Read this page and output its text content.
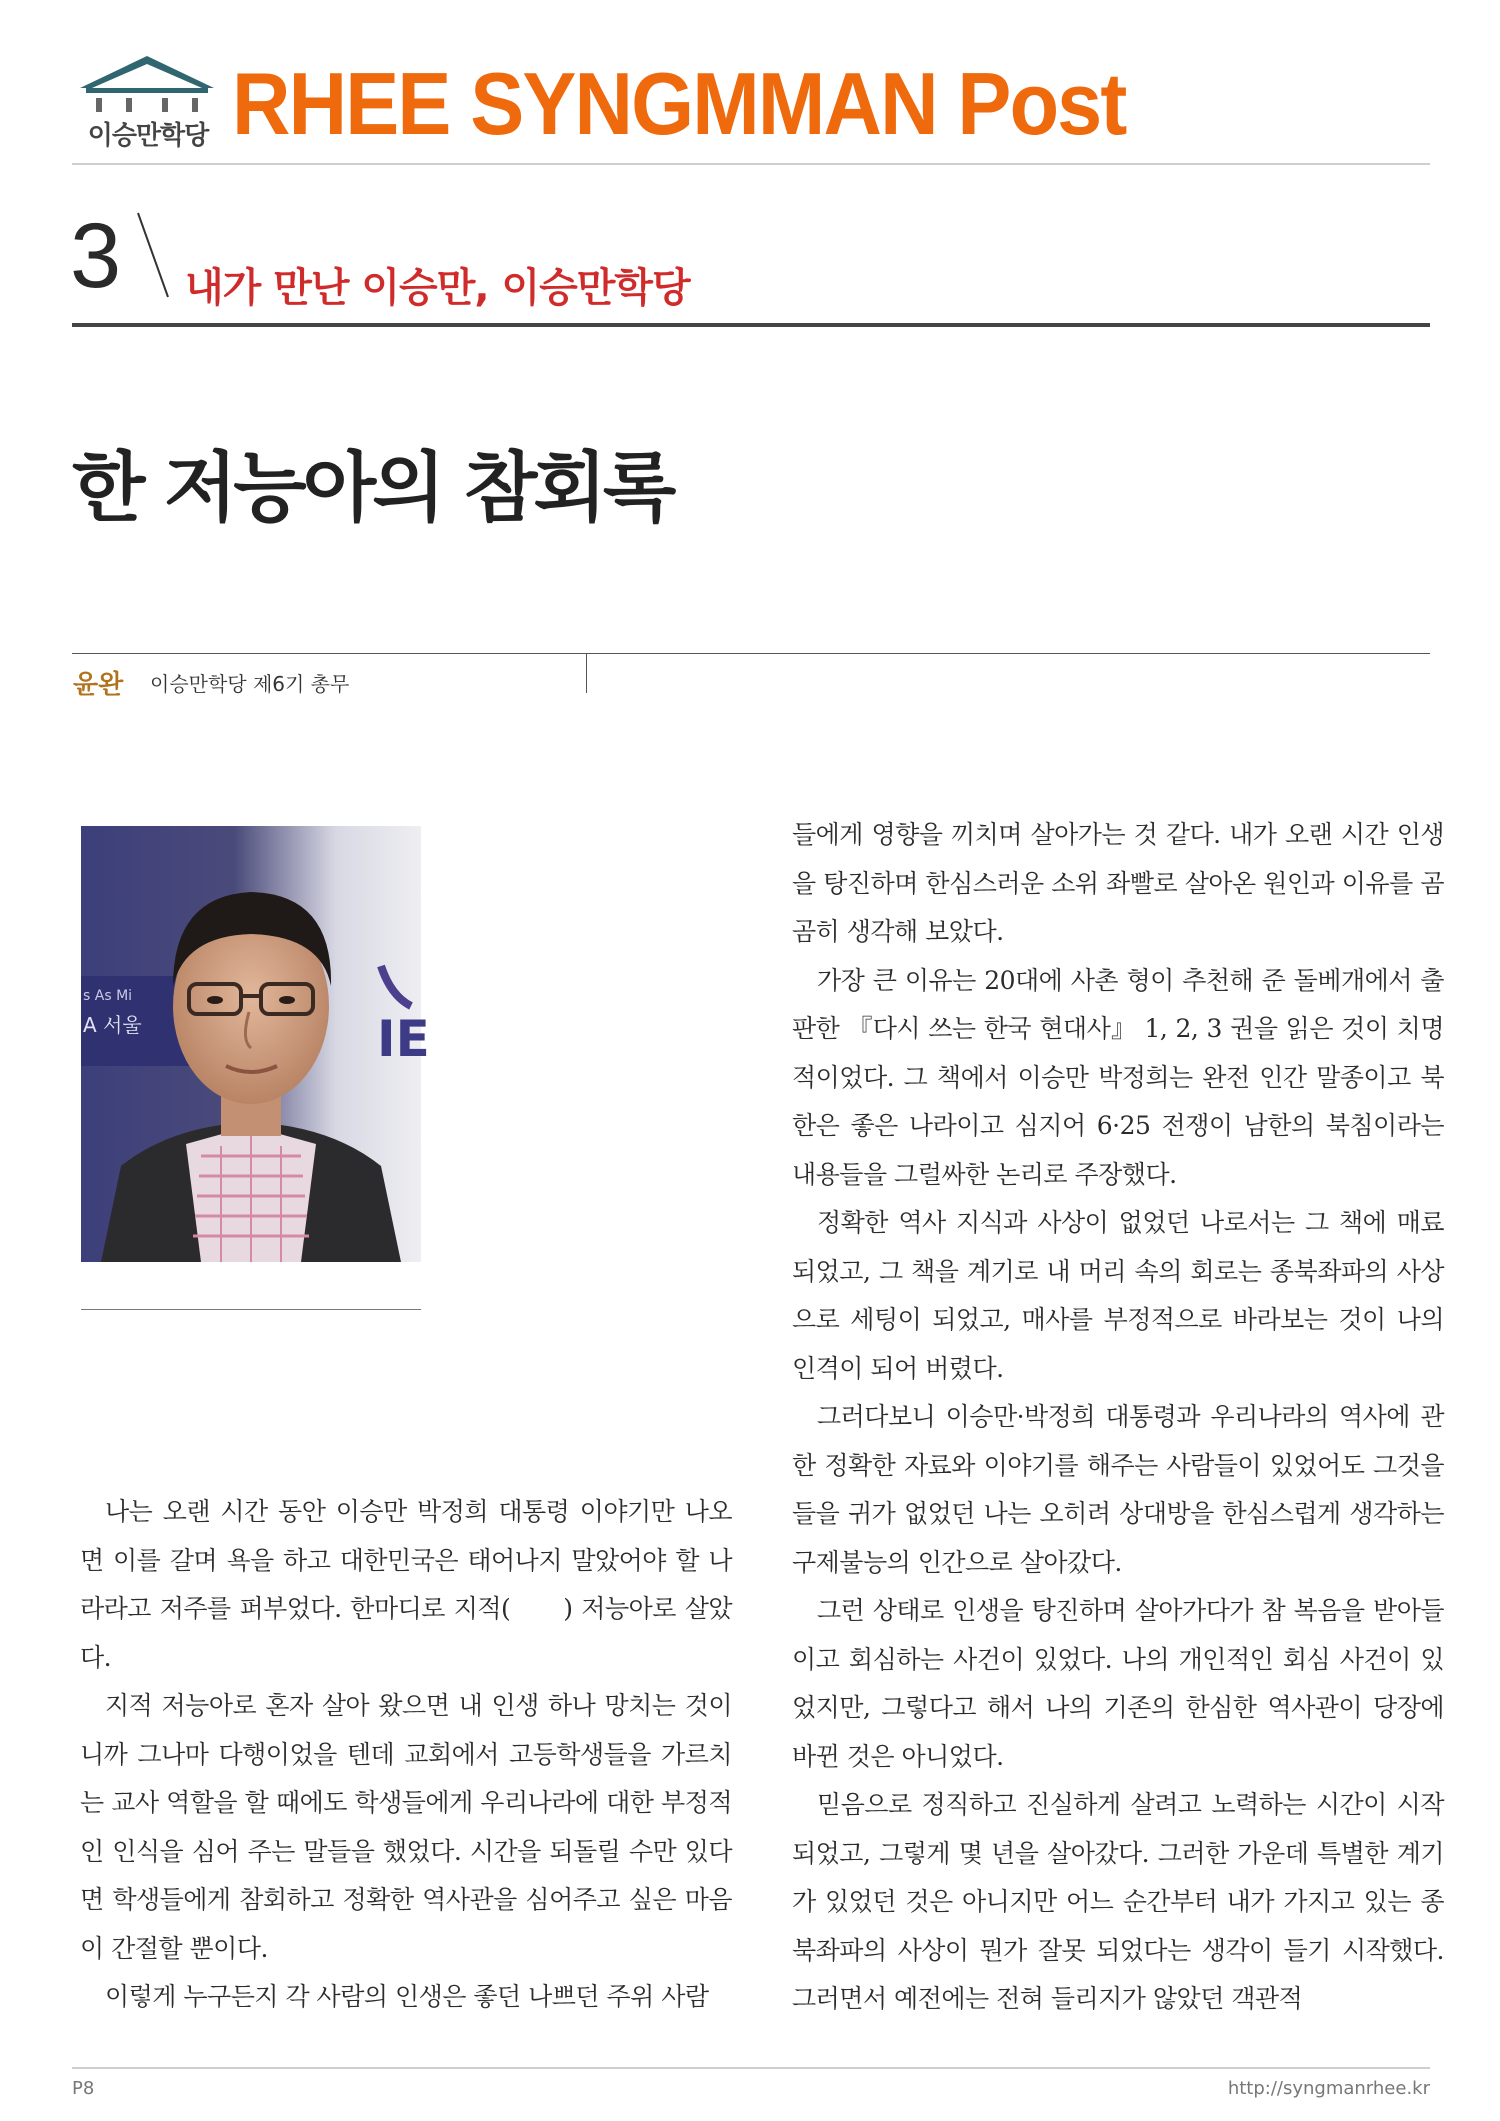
이승만학당 RHEE SYNGMMAN Post
3 내가 만난 이승만, 이승만학당
한 저능아의 참회록
윤완 이승만학당 제6기 총무
s As Mi
A 서울	IE

나는 오랜 시간 동안 이승만 박정희 대통령 이야기만 나오면 이를 갈며 욕을 하고 대한민국은 태어나지 말았어야 할 나라라고 저주를 퍼부었다. 한마디로 지적(　　) 저능아로 살았다.

지적 저능아로 혼자 살아 왔으면 내 인생 하나 망치는 것이니까 그나마 다행이었을 텐데 교회에서 고등학생들을 가르치는 교사 역할을 할 때에도 학생들에게 우리나라에 대한 부정적인 인식을 심어 주는 말들을 했었다. 시간을 되돌릴 수만 있다면 학생들에게 참회하고 정확한 역사관을 심어주고 싶은 마음이 간절할 뿐이다.

이렇게 누구든지 각 사람의 인생은 좋던 나쁘던 주위 사람

들에게 영향을 끼치며 살아가는 것 같다. 내가 오랜 시간 인생을 탕진하며 한심스러운 소위 좌빨로 살아온 원인과 이유를 곰곰히 생각해 보았다.

가장 큰 이유는 20대에 사촌 형이 추천해 준 돌베개에서 출판한 『다시 쓰는 한국 현대사』 1, 2, 3 권을 읽은 것이 치명적이었다. 그 책에서 이승만 박정희는 완전 인간 말종이고 북한은 좋은 나라이고 심지어 6·25 전쟁이 남한의 북침이라는 내용들을 그럴싸한 논리로 주장했다.

정확한 역사 지식과 사상이 없었던 나로서는 그 책에 매료되었고, 그 책을 계기로 내 머리 속의 회로는 종북좌파의 사상으로 세팅이 되었고, 매사를 부정적으로 바라보는 것이 나의 인격이 되어 버렸다.

그러다보니 이승만·박정희 대통령과 우리나라의 역사에 관한 정확한 자료와 이야기를 해주는 사람들이 있었어도 그것을 들을 귀가 없었던 나는 오히려 상대방을 한심스럽게 생각하는 구제불능의 인간으로 살아갔다.

그런 상태로 인생을 탕진하며 살아가다가 참 복음을 받아들이고 회심하는 사건이 있었다. 나의 개인적인 회심 사건이 있었지만, 그렇다고 해서 나의 기존의 한심한 역사관이 당장에 바뀐 것은 아니었다.

믿음으로 정직하고 진실하게 살려고 노력하는 시간이 시작 되었고, 그렇게 몇 년을 살아갔다. 그러한 가운데 특별한 계기가 있었던 것은 아니지만 어느 순간부터 내가 가지고 있는 종북좌파의 사상이 뭔가 잘못 되었다는 생각이 들기 시작했다. 그러면서 예전에는 전혀 들리지가 않았던 객관적

P8	http://syngmanrhee.kr
